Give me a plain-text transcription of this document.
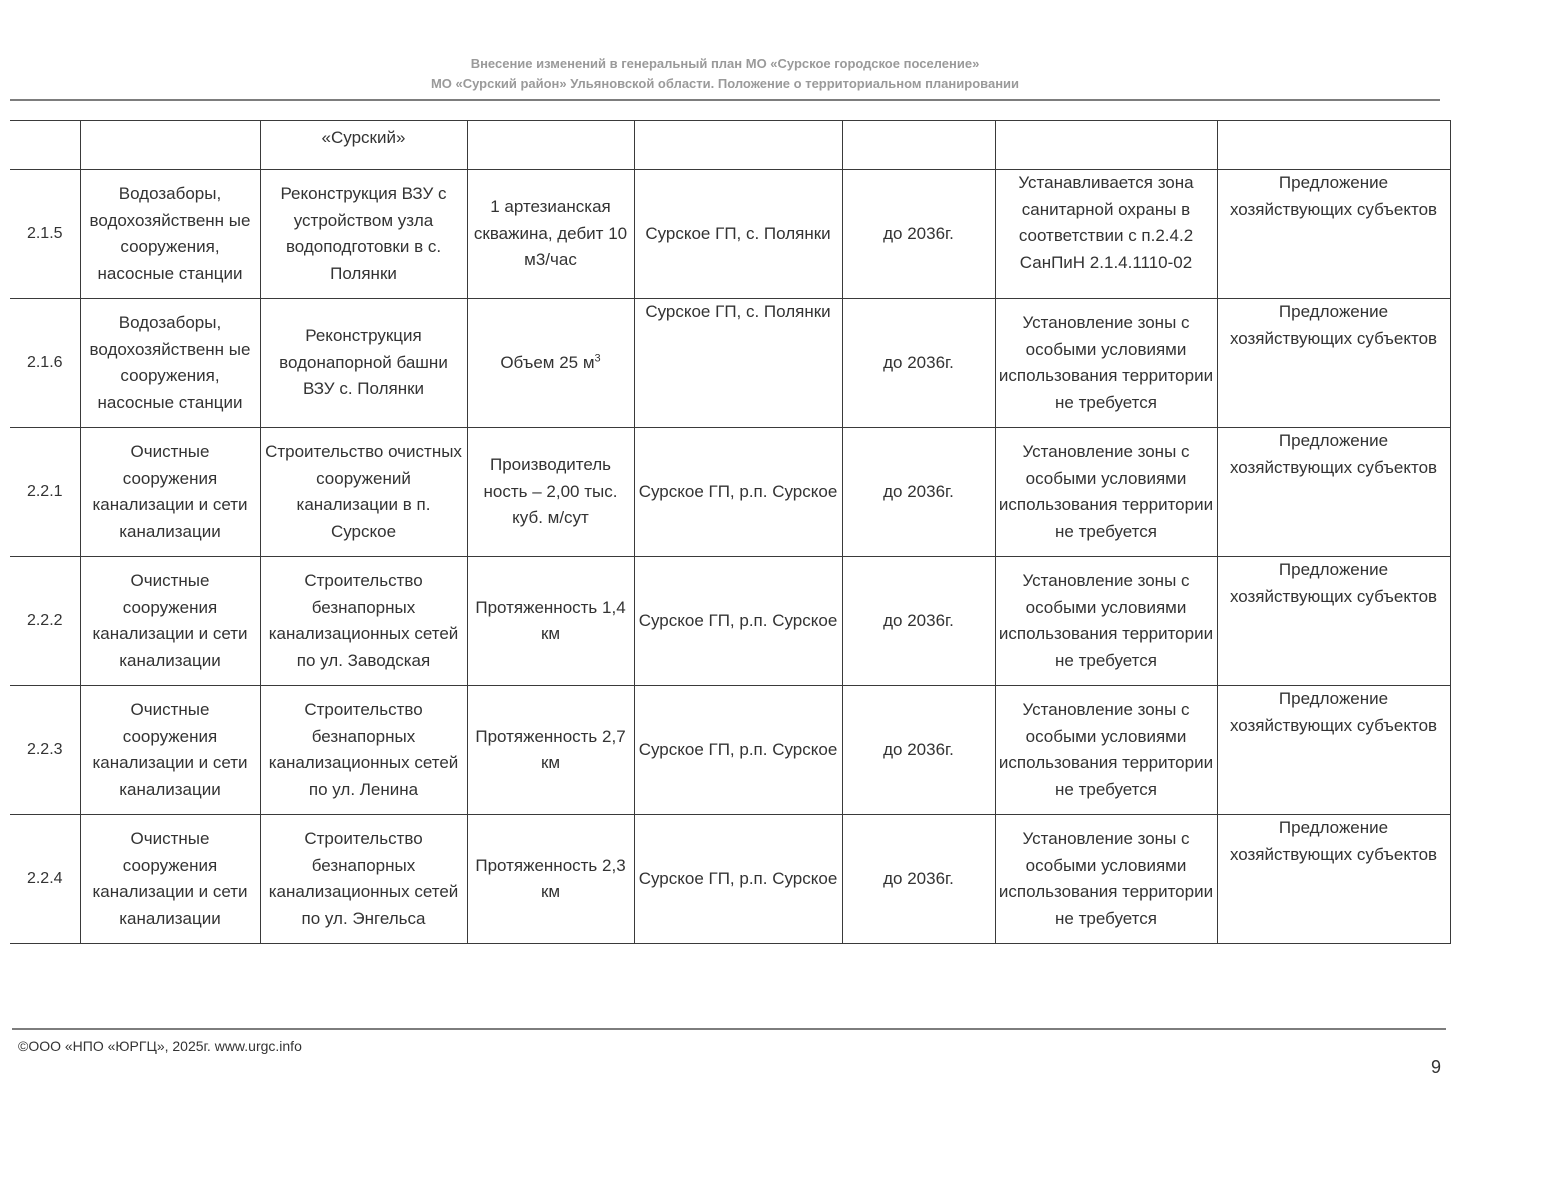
Внесение изменений в генеральный план МО «Сурское городское поселение»
МО «Сурский район» Ульяновской области. Положение о территориальном планировании
		«Сурский»					
2.1.5	Водозаборы, водохозяйственн ые сооружения, насосные станции	Реконструкция ВЗУ с устройством узла водоподготовки в с. Полянки	1 артезианская скважина, дебит 10 м3/час	Сурское ГП, с. Полянки	до 2036г.	Устанавливается зона санитарной охраны в соответствии с п.2.4.2 СанПиН 2.1.4.1110-02	Предложение хозяйствующих субъектов
2.1.6	Водозаборы, водохозяйственн ые сооружения, насосные станции	Реконструкция водонапорной башни ВЗУ с. Полянки	Объем 25 $м^3$	Сурское ГП, с. Полянки	до 2036г.	Установление зоны с особыми условиями использования территории не требуется	Предложение хозяйствующих субъектов
2.2.1	Очистные сооружения канализации и сети канализации	Строительство очистных сооружений канализации в п. Сурское	Производитель ность – 2,00 тыс. куб. м/сут	Сурское ГП, р.п. Сурское	до 2036г.	Установление зоны с особыми условиями использования территории не требуется	Предложение хозяйствующих субъектов
2.2.2	Очистные сооружения канализации и сети канализации	Строительство безнапорных канализационных сетей по ул. Заводская	Протяженность 1,4 км	Сурское ГП, р.п. Сурское	до 2036г.	Установление зоны с особыми условиями использования территории не требуется	Предложение хозяйствующих субъектов
2.2.3	Очистные сооружения канализации и сети канализации	Строительство безнапорных канализационных сетей по ул. Ленина	Протяженность 2,7 км	Сурское ГП, р.п. Сурское	до 2036г.	Установление зоны с особыми условиями использования территории не требуется	Предложение хозяйствующих субъектов
2.2.4	Очистные сооружения канализации и сети канализации	Строительство безнапорных канализационных сетей по ул. Энгельса	Протяженность 2,3 км	Сурское ГП, р.п. Сурское	до 2036г.	Установление зоны с особыми условиями использования территории не требуется	Предложение хозяйствующих субъектов
©ООО «НПО «ЮРГЦ», 2025г. www.urgc.info
9
